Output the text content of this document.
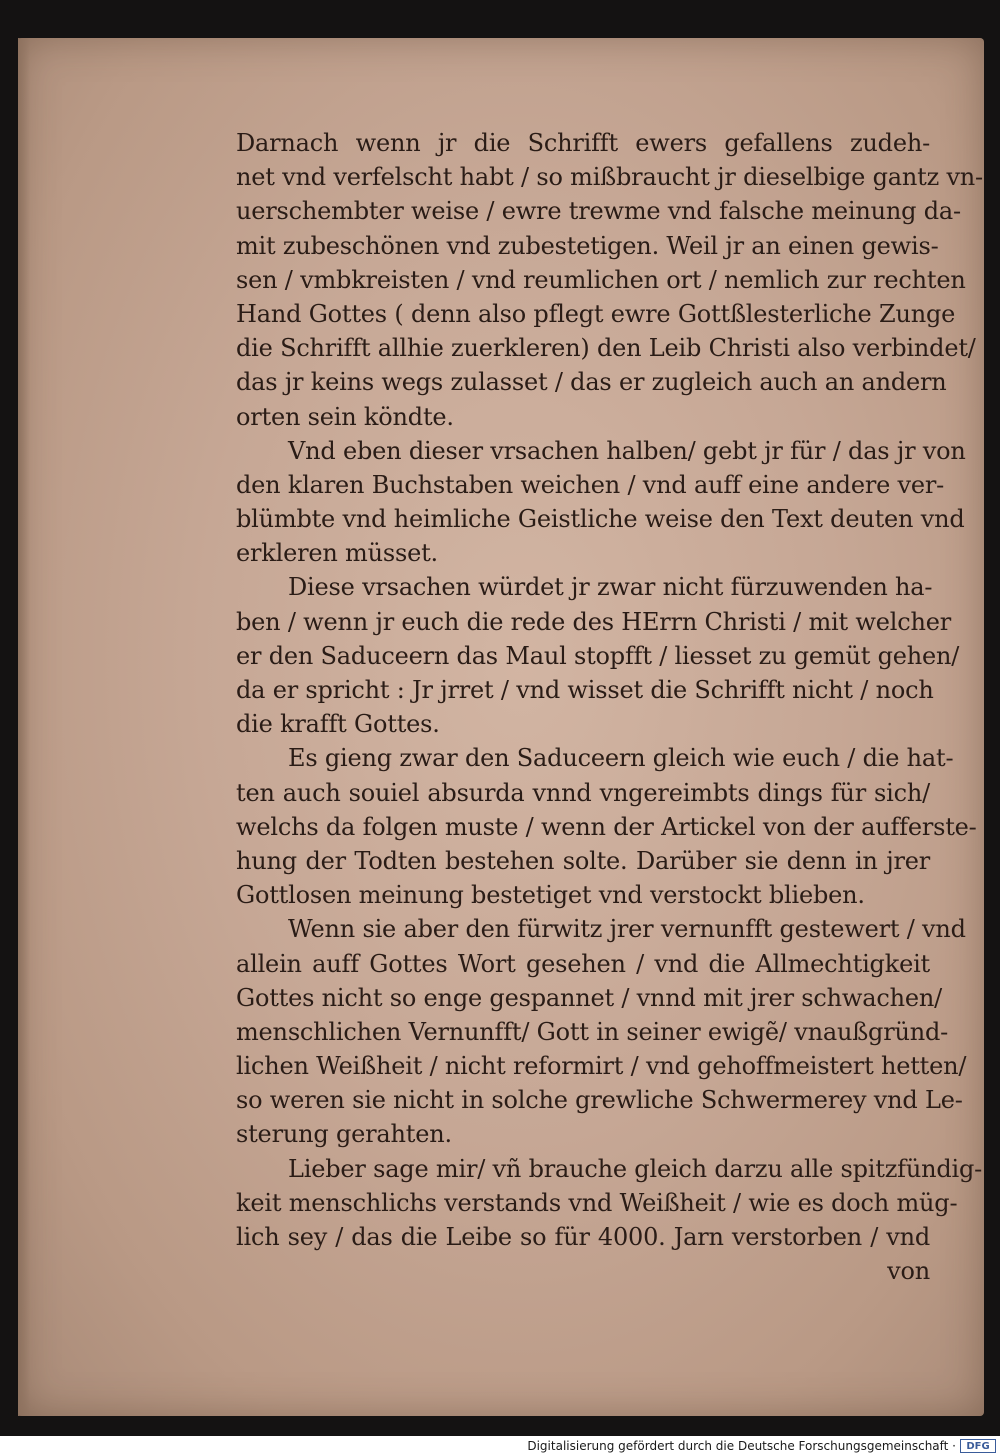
Darnach wenn jr die Schrifft ewers gefallens zudeh-
net vnd verfelscht habt / so mißbraucht jr dieselbige gantz vn-
uerschembter weise / ewre trewme vnd falsche meinung da-
mit zubeschönen vnd zubestetigen. Weil jr an einen gewis-
sen / vmbkreisten / vnd reumlichen ort / nemlich zur rechten
Hand Gottes ( denn also pflegt ewre Gottßlesterliche Zunge
die Schrifft allhie zuerkleren) den Leib Christi also verbindet/
das jr keins wegs zulasset / das er zugleich auch an andern
orten sein köndte.
Vnd eben dieser vrsachen halben/ gebt jr für / das jr von
den klaren Buchstaben weichen / vnd auff eine andere ver-
blümbte vnd heimliche Geistliche weise den Text deuten vnd
erkleren müsset.
Diese vrsachen würdet jr zwar nicht fürzuwenden ha-
ben / wenn jr euch die rede des HErrn Christi / mit welcher
er den Saduceern das Maul stopfft / liesset zu gemüt gehen/
da er spricht : Jr jrret / vnd wisset die Schrifft nicht / noch
die krafft Gottes.
Es gieng zwar den Saduceern gleich wie euch / die hat-
ten auch souiel absurda vnnd vngereimbts dings für sich/
welchs da folgen muste / wenn der Artickel von der aufferste-
hung der Todten bestehen solte. Darüber sie denn in jrer
Gottlosen meinung bestetiget vnd verstockt blieben.
Wenn sie aber den fürwitz jrer vernunfft gestewert / vnd
allein auff Gottes Wort gesehen / vnd die Allmechtigkeit
Gottes nicht so enge gespannet / vnnd mit jrer schwachen/
menschlichen Vernunfft/ Gott in seiner ewigẽ/ vnaußgründ-
lichen Weißheit / nicht reformirt / vnd gehoffmeistert hetten/
so weren sie nicht in solche grewliche Schwermerey vnd Le-
sterung gerahten.
Lieber sage mir/ vñ brauche gleich darzu alle spitzfündig-
keit menschlichs verstands vnd Weißheit / wie es doch müg-
lich sey / das die Leibe so für 4000. Jarn verstorben / vnd
von
Digitalisierung gefördert durch die Deutsche Forschungsgemeinschaft ·	DFG
